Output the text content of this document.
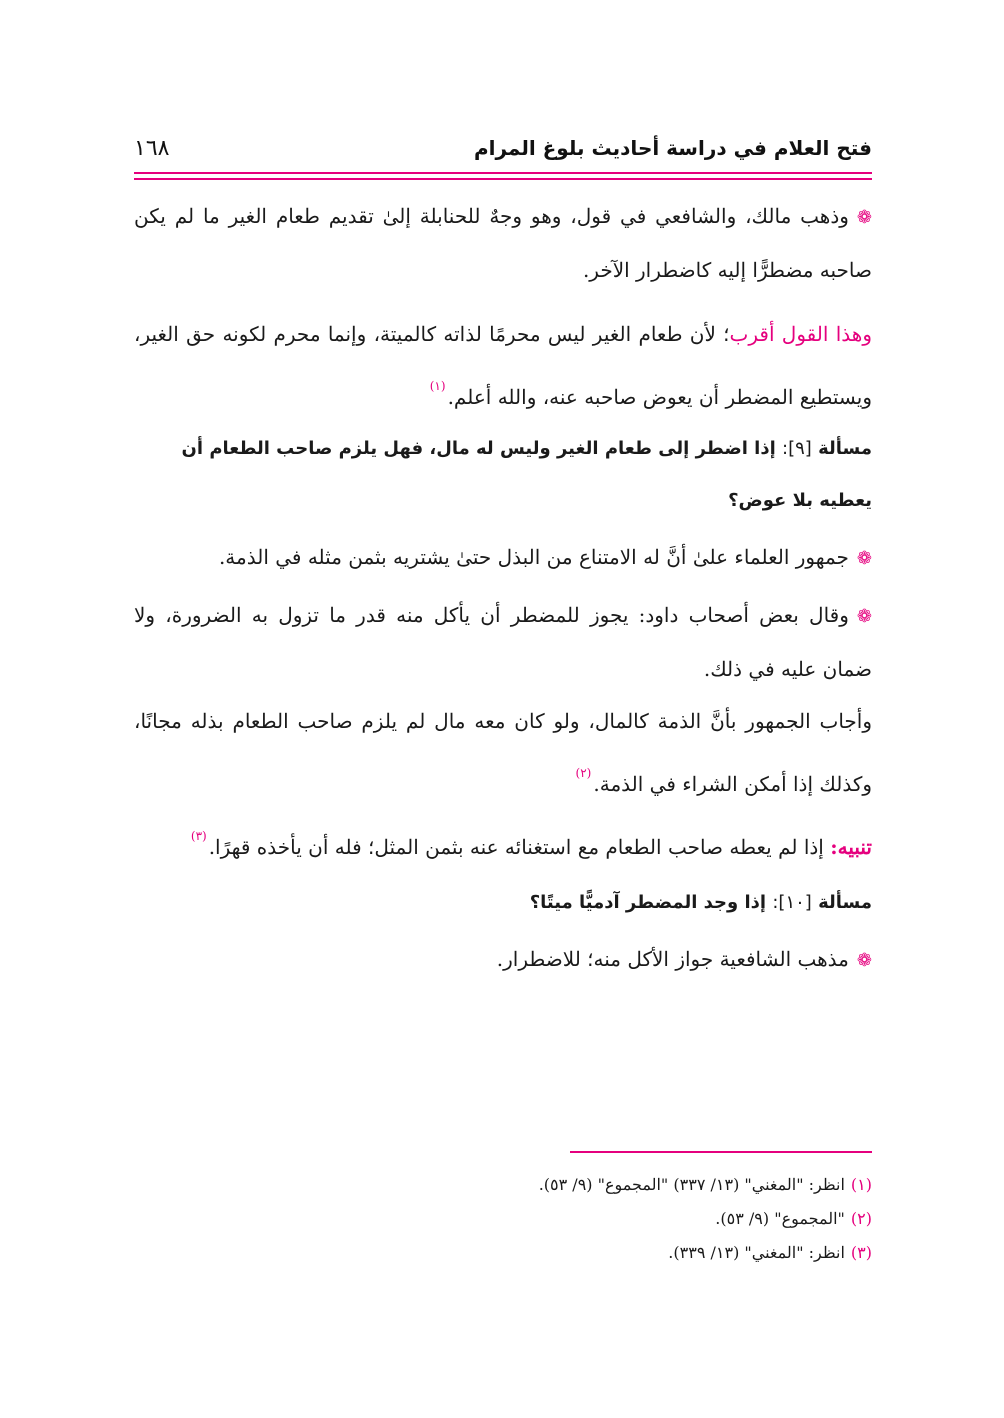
فتح العلام في دراسة أحاديث بلوغ المرام
١٦٨

❁وذهب مالك، والشافعي في قول، وهو وجهٌ للحنابلة إلىٰ تقديم طعام الغير ما لم يكن صاحبه مضطرًّا إليه كاضطرار الآخر.

وهذا القول أقرب؛ لأن طعام الغير ليس محرمًا لذاته كالميتة، وإنما محرم لكونه حق الغير، ويستطيع المضطر أن يعوض صاحبه عنه، والله أعلم.$^{(١)}$

مسألة [٩]: إذا اضطر إلى طعام الغير وليس له مال، فهل يلزم صاحب الطعام أن يعطيه بلا عوض؟

❁جمهور العلماء علىٰ أنَّ له الامتناع من البذل حتىٰ يشتريه بثمن مثله في الذمة.

❁وقال بعض أصحاب داود: يجوز للمضطر أن يأكل منه قدر ما تزول به الضرورة، ولا ضمان عليه في ذلك.

وأجاب الجمهور بأنَّ الذمة كالمال، ولو كان معه مال لم يلزم صاحب الطعام بذله مجانًا، وكذلك إذا أمكن الشراء في الذمة.$^{(٢)}$

تنبيه: إذا لم يعطه صاحب الطعام مع استغنائه عنه بثمن المثل؛ فله أن يأخذه قهرًا.$^{(٣)}$

مسألة [١٠]: إذا وجد المضطر آدميًّا ميتًا؟

❁مذهب الشافعية جواز الأكل منه؛ للاضطرار.

(١)انظر: "المغني" (١٣/ ٣٣٧) "المجموع" (٩/ ٥٣).

(٢)"المجموع" (٩/ ٥٣).

(٣)انظر: "المغني" (١٣/ ٣٣٩).
